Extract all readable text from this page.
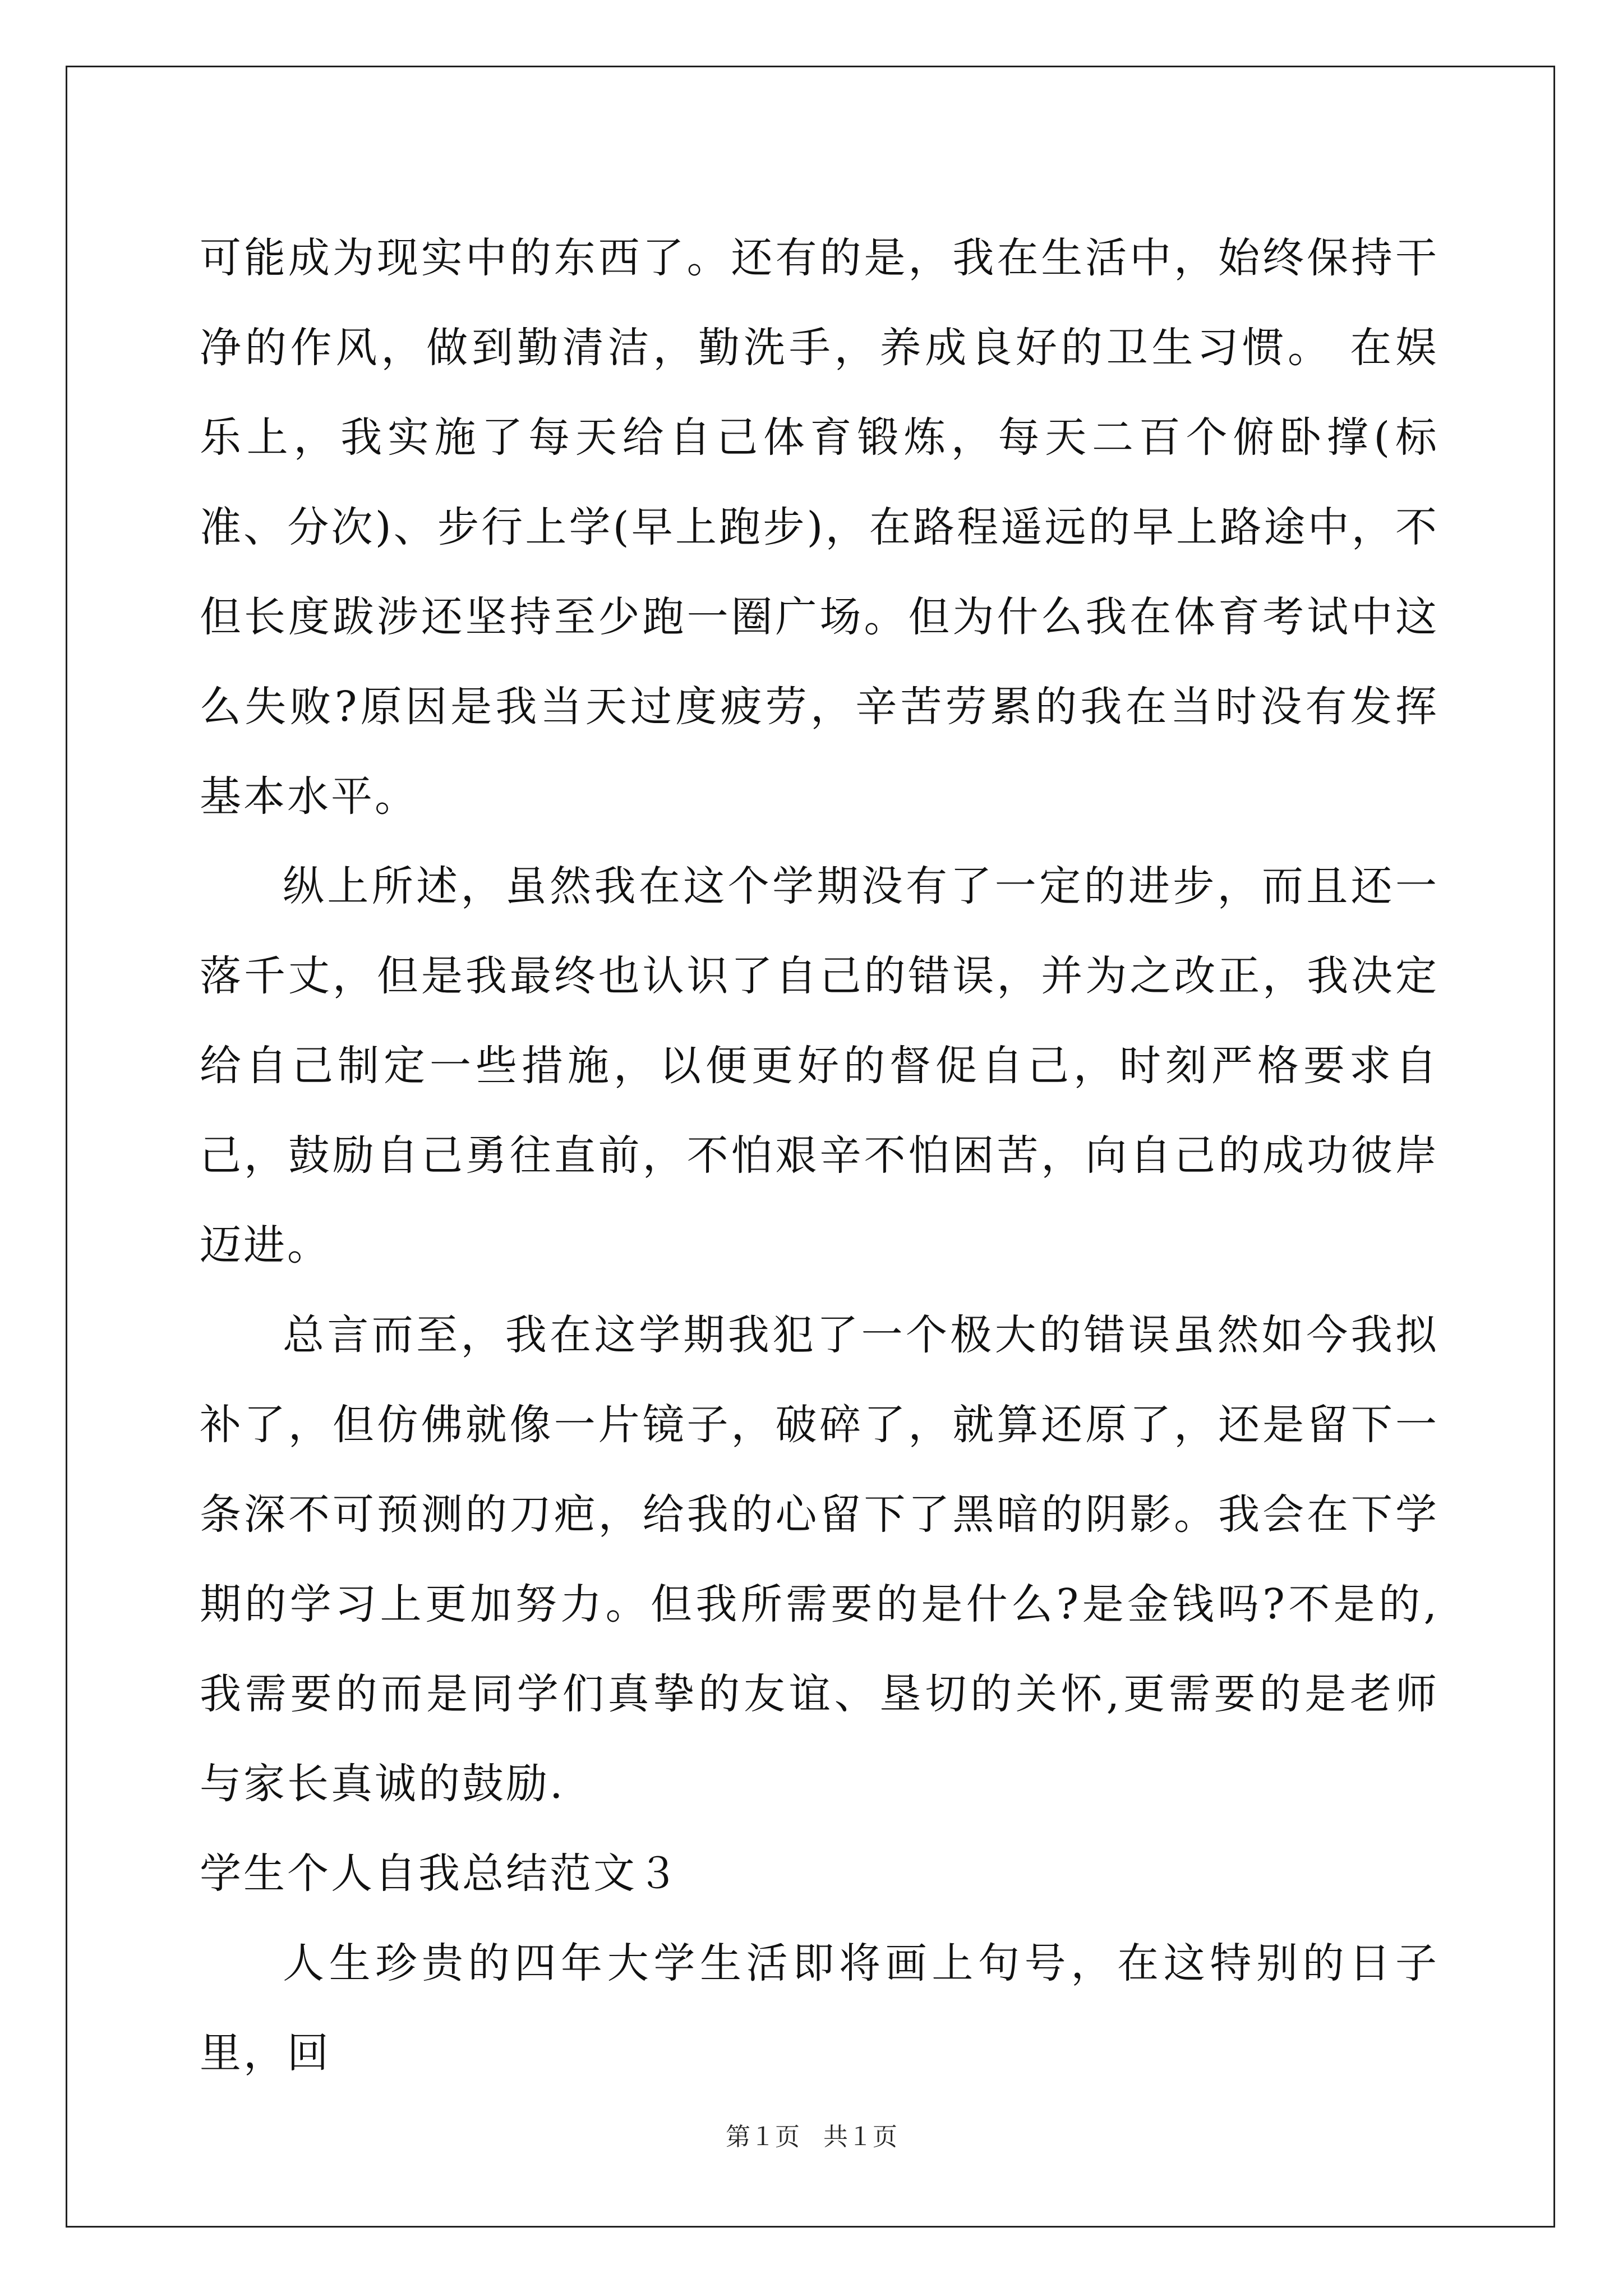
可能成为现实中的东西了。还有的是，我在生活中，始终保持干净的作风，做到勤清洁，勤洗手，养成良好的卫生习惯。 在娱乐上，我实施了每天给自己体育锻炼，每天二百个俯卧撑(标准、分次)、步行上学(早上跑步)，在路程遥远的早上路途中，不但长度跋涉还坚持至少跑一圈广场。但为什么我在体育考试中这么失败?原因是我当天过度疲劳，辛苦劳累的我在当时没有发挥基本水平。

纵上所述，虽然我在这个学期没有了一定的进步，而且还一落千丈，但是我最终也认识了自己的错误，并为之改正，我决定给自己制定一些措施，以便更好的督促自己，时刻严格要求自己，鼓励自己勇往直前，不怕艰辛不怕困苦，向自己的成功彼岸迈进。

总言而至，我在这学期我犯了一个极大的错误虽然如今我拟补了，但仿佛就像一片镜子，破碎了，就算还原了，还是留下一条深不可预测的刀疤，给我的心留下了黑暗的阴影。我会在下学期的学习上更加努力。但我所需要的是什么?是金钱吗?不是的,我需要的而是同学们真挚的友谊、垦切的关怀,更需要的是老师与家长真诚的鼓励.

学生个人自我总结范文３

人生珍贵的四年大学生活即将画上句号，在这特别的日子里，回

第１页 共１页
